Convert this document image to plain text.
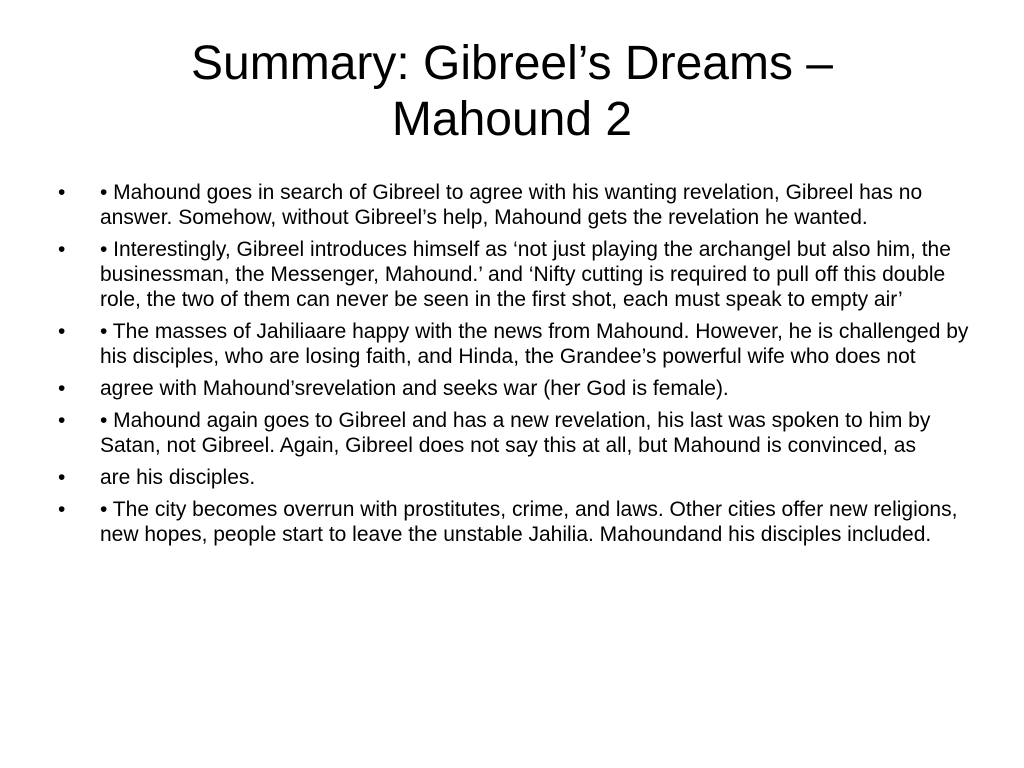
Summary: Gibreel’s Dreams –
Mahound 2
•	• Mahound goes in search of Gibreel to agree with his wanting revelation, Gibreel has no answer. Somehow, without Gibreel’s help, Mahound gets the revelation he wanted.
•	• Interestingly, Gibreel introduces himself as ‘not just playing the archangel but also him, the businessman, the Messenger, Mahound.’ and ‘Nifty cutting is required to pull off this double role, the two of them can never be seen in the first shot, each must speak to empty air’
•	• The masses of Jahiliaare happy with the news from Mahound. However, he is challenged by his disciples, who are losing faith, and Hinda, the Grandee’s powerful wife who does not
•	agree with Mahound’srevelation and seeks war (her God is female).
•	• Mahound again goes to Gibreel and has a new revelation, his last was spoken to him by Satan, not Gibreel. Again, Gibreel does not say this at all, but Mahound is convinced, as
•	are his disciples.
•	• The city becomes overrun with prostitutes, crime, and laws. Other cities offer new religions, new hopes, people start to leave the unstable Jahilia. Mahoundand his disciples included.
